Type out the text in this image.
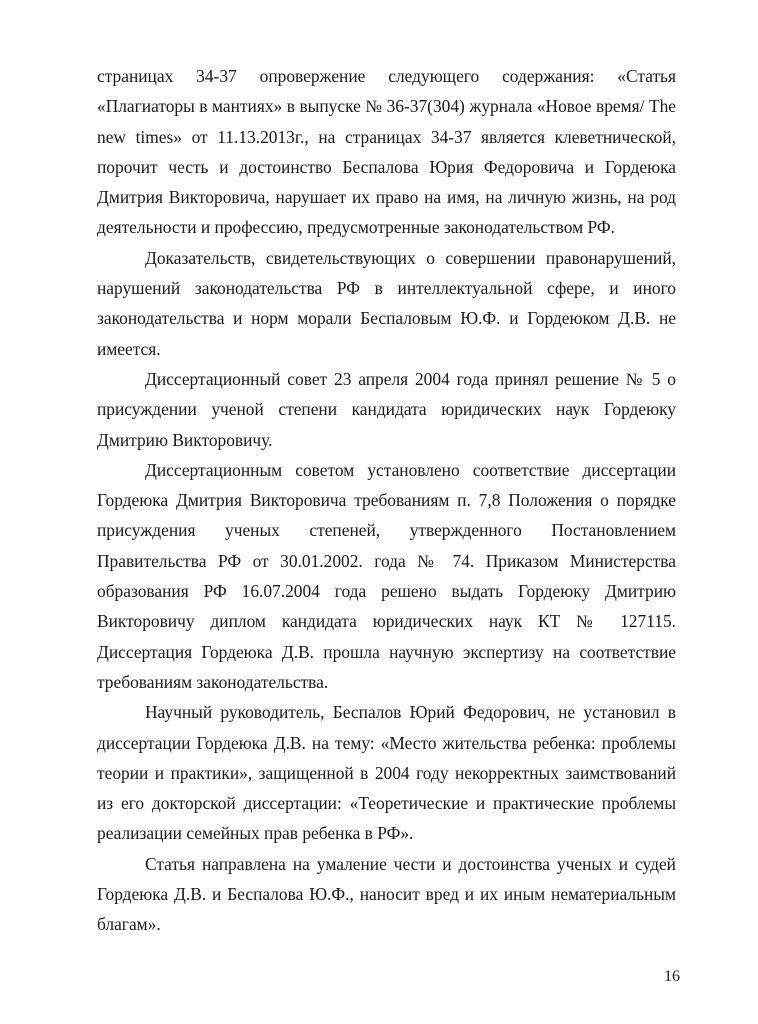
страницах 34-37 опровержение следующего содержания: «Статья «Плагиаторы в мантиях» в выпуске № 36-37(304) журнала «Новое время/ The new times» от 11.13.2013г., на страницах 34-37 является клеветнической, порочит честь и достоинство Беспалова Юрия Федоровича и Гордеюка Дмитрия Викторовича, нарушает их право на имя, на личную жизнь, на род деятельности и профессию, предусмотренные законодательством РФ.

Доказательств, свидетельствующих о совершении правонарушений, нарушений законодательства РФ в интеллектуальной сфере, и иного законодательства и норм морали Беспаловым Ю.Ф. и Гордеюком Д.В. не имеется.

Диссертационный совет 23 апреля 2004 года принял решение № 5 о присуждении ученой степени кандидата юридических наук Гордеюку Дмитрию Викторовичу.

Диссертационным советом установлено соответствие диссертации Гордеюка Дмитрия Викторовича требованиям п. 7,8 Положения о порядке присуждения ученых степеней, утвержденного Постановлением Правительства РФ от 30.01.2002. года № 74. Приказом Министерства образования РФ 16.07.2004 года решено выдать Гордеюку Дмитрию Викторовичу диплом кандидата юридических наук КТ № 127115. Диссертация Гордеюка Д.В. прошла научную экспертизу на соответствие требованиям законодательства.

Научный руководитель, Беспалов Юрий Федорович, не установил в диссертации Гордеюка Д.В. на тему: «Место жительства ребенка: проблемы теории и практики», защищенной в 2004 году некорректных заимствований из его докторской диссертации: «Теоретические и практические проблемы реализации семейных прав ребенка в РФ».

Статья направлена на умаление чести и достоинства ученых и судей Гордеюка Д.В. и Беспалова Ю.Ф., наносит вред и их иным нематериальным благам».

16
